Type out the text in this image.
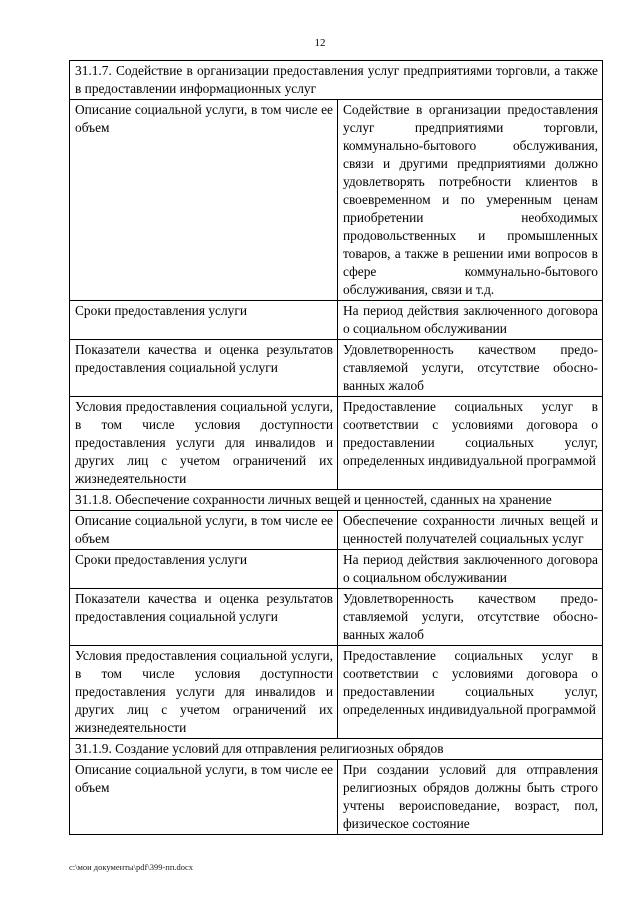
12
31.1.7. Содействие в организации предоставления услуг предприятиями торговли, а также в предоставлении информационных услуг	
Описание социальной услуги, в том числе ее объем	Содействие в организации предоставления услуг предприятиями торговли, коммунально-бытового обслуживания, связи и другими предприятиями должно удовлетворять потребности клиентов в своевременном и по умеренным ценам приобретении необходимых продовольственных и промышленных товаров, а также в решении ими вопросов в сфере коммунально-бытового обслуживания, связи и т.д.
Сроки предоставления услуги	На период действия заключенного договора о социальном обслуживании
Показатели качества и оценка результатов предоставления социальной услуги	Удовлетворенность качеством предоставляемой услуги, отсутствие обоснованных жалоб
Условия предоставления социальной услуги, в том числе условия доступности предоставления услуги для инвалидов и других лиц с учетом ограничений их жизнедеятельности	Предоставление социальных услуг в соответствии с условиями договора о предоставлении социальных услуг, определенных индивидуальной программой
31.1.8. Обеспечение сохранности личных вещей и ценностей, сданных на хранение	
Описание социальной услуги, в том числе ее объем	Обеспечение сохранности личных вещей и ценностей получателей социальных услуг
Сроки предоставления услуги	На период действия заключенного договора о социальном обслуживании
Показатели качества и оценка результатов предоставления социальной услуги	Удовлетворенность качеством предоставляемой услуги, отсутствие обоснованных жалоб
Условия предоставления социальной услуги, в том числе условия доступности предоставления услуги для инвалидов и других лиц с учетом ограничений их жизнедеятельности	Предоставление социальных услуг в соответствии с условиями договора о предоставлении социальных услуг, определенных индивидуальной программой
31.1.9. Создание условий для отправления религиозных обрядов	
Описание социальной услуги, в том числе ее объем	При создании условий для отправления религиозных обрядов должны быть строго учтены вероисповедание, возраст, пол, физическое состояние
c:\мои документы\pdf\399-пп.docx
